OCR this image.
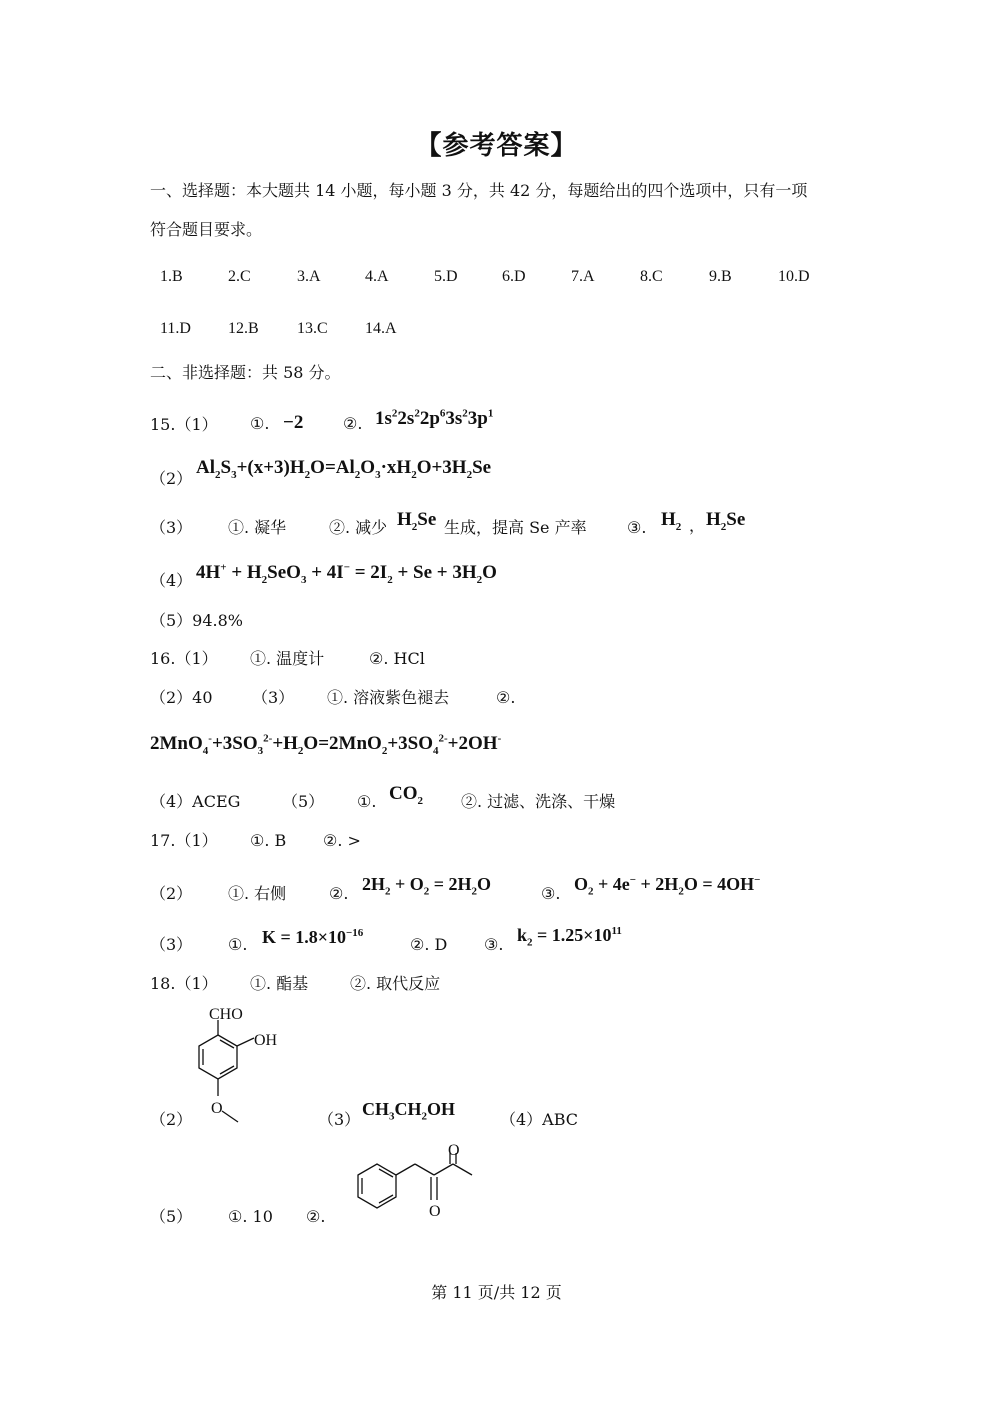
【参考答案】
一、选择题：本大题共 14 小题，每小题 3 分，共 42 分，每题给出的四个选项中，只有一项
符合题目要求。
1.B	2.C	3.A	4.A	5.D	6.D	7.A	8.C	9.B	10.D
11.D 12.B 13.C 14.A
二、非选择题：共 58 分。
15.（1） ①. −2 ②. $1s^22s^22p^63s^23p^1$
（2）
$Al_2S_3+(x+3)H_2O=Al_2O_3\cdot xH_2O+3H_2Se$
（3） ①. 凝华	②. 减少 $H_2Se$ 生成，提高 Se 产率	③. $H_2$ ， $H_2Se$
（4） $4H^+ + H_2SeO_3 + 4I^- = 2I_2 + Se + 3H_2O$
（5）94.8%
16.（1） ①. 温度计	②. HCl
（2）40 （3） ①. 溶液紫色褪去	②.
$2MnO_4^-+3SO_3^{2-}+H_2O=2MnO_2+3SO_4^{2-}+2OH^-$
（4）ACEG	（5） ①. $CO_2$ ②. 过滤、洗涤、干燥
17.（1） ①. B ②. >
（2） ①. 右侧	②. $2H_2 + O_2 = 2H_2O$	③. $O_2 + 4e^- + 2H_2O = 4OH^-$
（3） ①. $K = 1.8\times 10^{-16}$
②. D ③. $k_2 = 1.25\times 10^{11}$
18.（1） ①. 酯基	②. 取代反应
（2）
CHO
OH
O
（3）
$CH_3CH_2OH$
（4）ABC
（5） ①. 10 ②.
O
O
第 11 页/共 12 页
